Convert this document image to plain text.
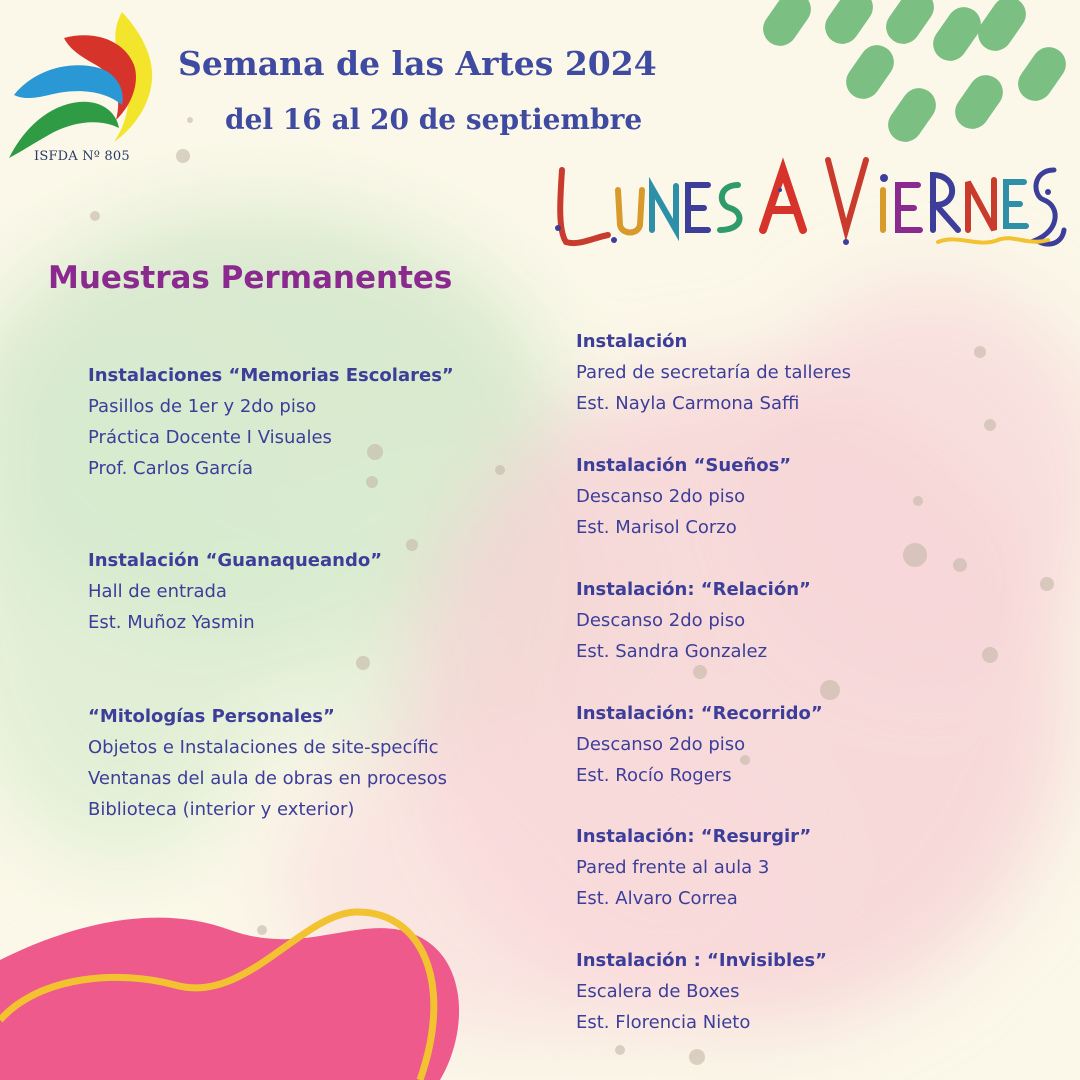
ISFDA Nº 805
Semana de las Artes 2024
del 16 al 20 de septiembre
Muestras Permanentes
Instalaciones “Memorias Escolares”
Pasillos de 1er y 2do piso
Práctica Docente I Visuales
Prof. Carlos García
Instalación “Guanaqueando”
Hall de entrada
Est. Muñoz Yasmin
“Mitologías Personales”
Objetos e Instalaciones de site-specífic
Ventanas del aula de obras en procesos
Biblioteca (interior y exterior)
Instalación
Pared de secretaría de talleres
Est. Nayla Carmona Saffi
Instalación “Sueños”
Descanso 2do piso
Est. Marisol Corzo
Instalación: “Relación”
Descanso 2do piso
Est. Sandra Gonzalez
Instalación: “Recorrido”
Descanso 2do piso
Est. Rocío Rogers
Instalación: “Resurgir”
Pared frente al aula 3
Est. Alvaro Correa
Instalación : “Invisibles”
Escalera de Boxes
Est. Florencia Nieto
